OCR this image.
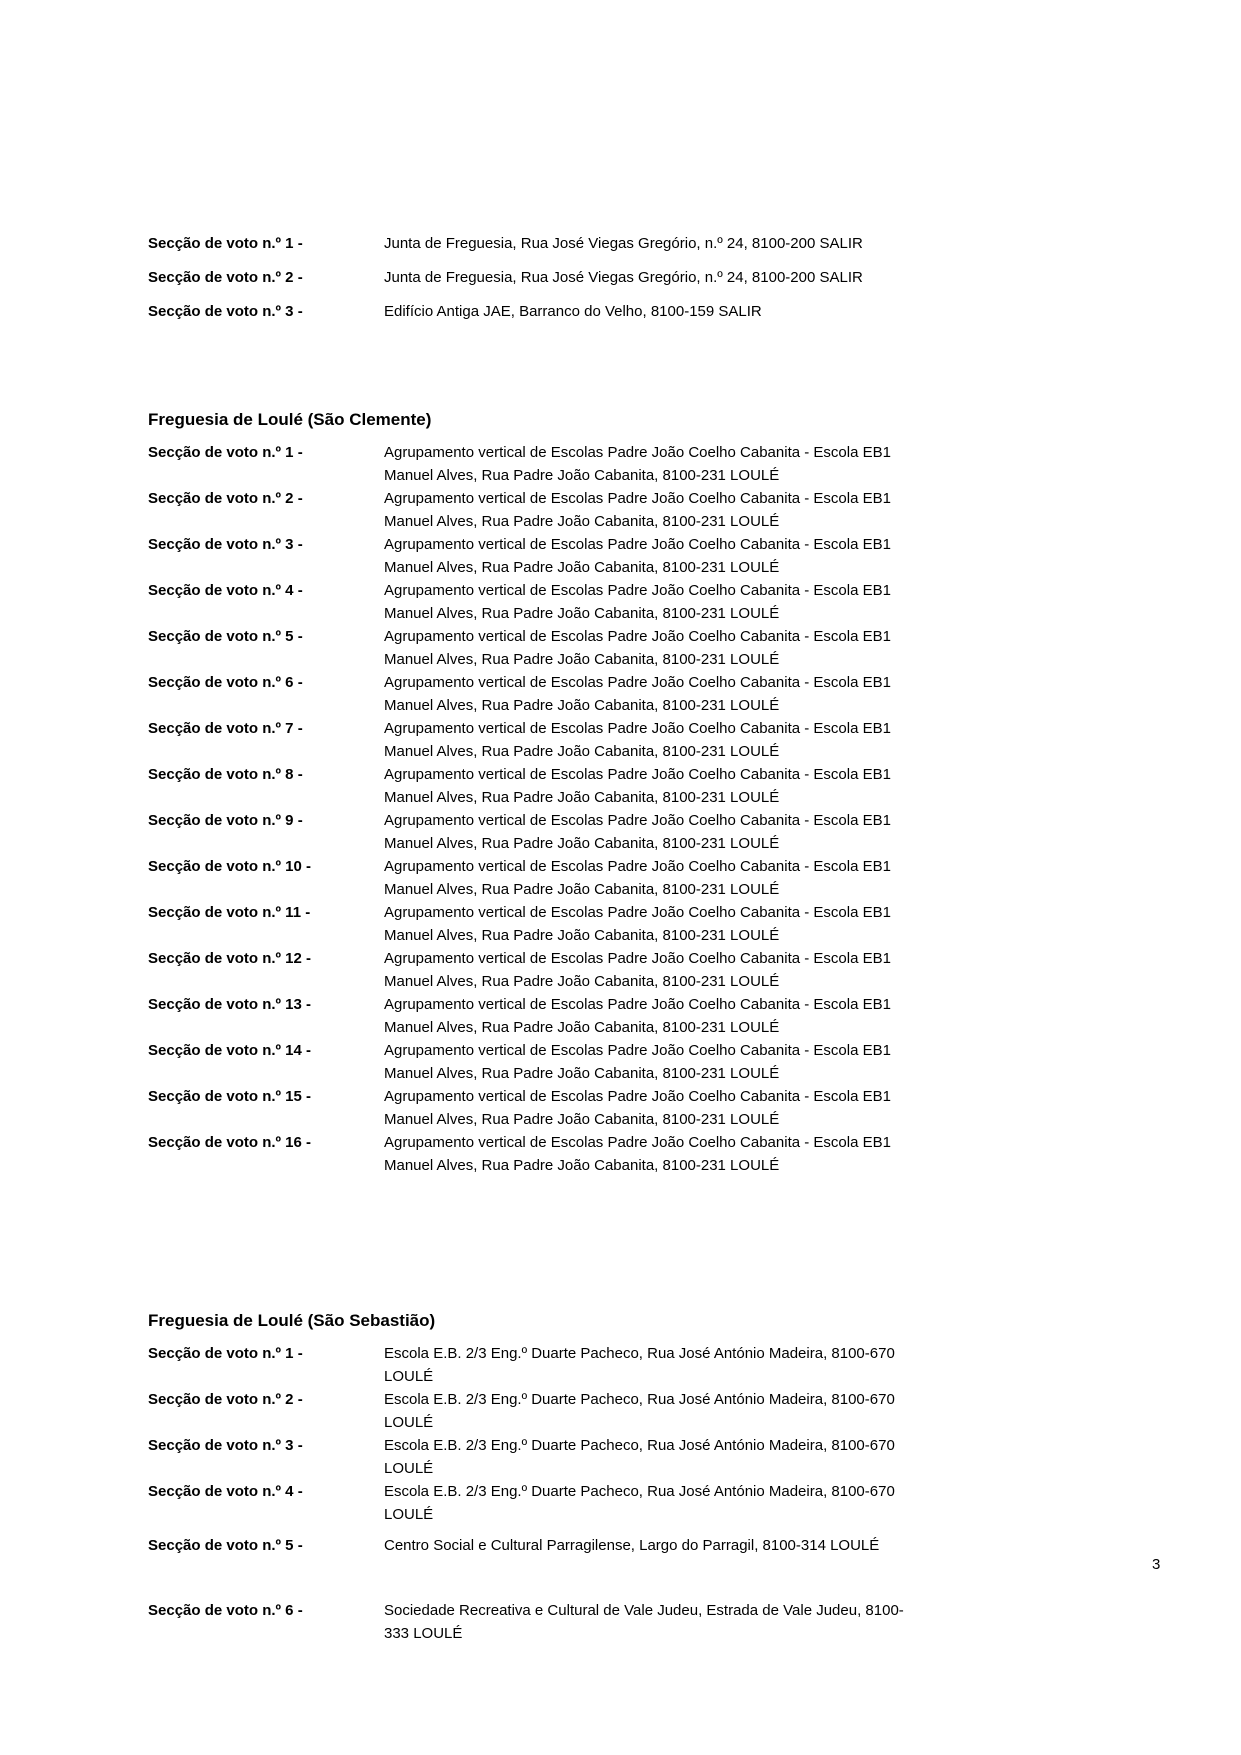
Secção de voto n.º 1 -	Junta de Freguesia, Rua José Viegas Gregório, n.º 24, 8100-200 SALIR
Secção de voto n.º 2 -	Junta de Freguesia, Rua José Viegas Gregório, n.º 24, 8100-200 SALIR
Secção de voto n.º 3 -	Edifício Antiga JAE, Barranco do Velho, 8100-159 SALIR
Freguesia de Loulé (São Clemente)
Secção de voto n.º 1 -	Agrupamento vertical de Escolas Padre João Coelho Cabanita - Escola EB1
Manuel Alves, Rua Padre João Cabanita, 8100-231 LOULÉ
Secção de voto n.º 2 -	Agrupamento vertical de Escolas Padre João Coelho Cabanita - Escola EB1
Manuel Alves, Rua Padre João Cabanita, 8100-231 LOULÉ
Secção de voto n.º 3 -	Agrupamento vertical de Escolas Padre João Coelho Cabanita - Escola EB1
Manuel Alves, Rua Padre João Cabanita, 8100-231 LOULÉ
Secção de voto n.º 4 -	Agrupamento vertical de Escolas Padre João Coelho Cabanita - Escola EB1
Manuel Alves, Rua Padre João Cabanita, 8100-231 LOULÉ
Secção de voto n.º 5 -	Agrupamento vertical de Escolas Padre João Coelho Cabanita - Escola EB1
Manuel Alves, Rua Padre João Cabanita, 8100-231 LOULÉ
Secção de voto n.º 6 -	Agrupamento vertical de Escolas Padre João Coelho Cabanita - Escola EB1
Manuel Alves, Rua Padre João Cabanita, 8100-231 LOULÉ
Secção de voto n.º 7 -	Agrupamento vertical de Escolas Padre João Coelho Cabanita - Escola EB1
Manuel Alves, Rua Padre João Cabanita, 8100-231 LOULÉ
Secção de voto n.º 8 -	Agrupamento vertical de Escolas Padre João Coelho Cabanita - Escola EB1
Manuel Alves, Rua Padre João Cabanita, 8100-231 LOULÉ
Secção de voto n.º 9 -	Agrupamento vertical de Escolas Padre João Coelho Cabanita - Escola EB1
Manuel Alves, Rua Padre João Cabanita, 8100-231 LOULÉ
Secção de voto n.º 10 -	Agrupamento vertical de Escolas Padre João Coelho Cabanita - Escola EB1
Manuel Alves, Rua Padre João Cabanita, 8100-231 LOULÉ
Secção de voto n.º 11 -	Agrupamento vertical de Escolas Padre João Coelho Cabanita - Escola EB1
Manuel Alves, Rua Padre João Cabanita, 8100-231 LOULÉ
Secção de voto n.º 12 -	Agrupamento vertical de Escolas Padre João Coelho Cabanita - Escola EB1
Manuel Alves, Rua Padre João Cabanita, 8100-231 LOULÉ
Secção de voto n.º 13 -	Agrupamento vertical de Escolas Padre João Coelho Cabanita - Escola EB1
Manuel Alves, Rua Padre João Cabanita, 8100-231 LOULÉ
Secção de voto n.º 14 -	Agrupamento vertical de Escolas Padre João Coelho Cabanita - Escola EB1
Manuel Alves, Rua Padre João Cabanita, 8100-231 LOULÉ
Secção de voto n.º 15 -	Agrupamento vertical de Escolas Padre João Coelho Cabanita - Escola EB1
Manuel Alves, Rua Padre João Cabanita, 8100-231 LOULÉ
Secção de voto n.º 16 -	Agrupamento vertical de Escolas Padre João Coelho Cabanita - Escola EB1
Manuel Alves, Rua Padre João Cabanita, 8100-231 LOULÉ
Freguesia de Loulé (São Sebastião)
Secção de voto n.º 1 -	Escola E.B. 2/3 Eng.º Duarte Pacheco, Rua José António Madeira, 8100-670
LOULÉ
Secção de voto n.º 2 -	Escola E.B. 2/3 Eng.º Duarte Pacheco, Rua José António Madeira, 8100-670
LOULÉ
Secção de voto n.º 3 -	Escola E.B. 2/3 Eng.º Duarte Pacheco, Rua José António Madeira, 8100-670
LOULÉ
Secção de voto n.º 4 -	Escola E.B. 2/3 Eng.º Duarte Pacheco, Rua José António Madeira, 8100-670
LOULÉ
Secção de voto n.º 5 -	Centro Social e Cultural Parragilense, Largo do Parragil, 8100-314 LOULÉ
Secção de voto n.º 6 -	Sociedade Recreativa e Cultural de Vale Judeu, Estrada de Vale Judeu, 8100-
333 LOULÉ
3
